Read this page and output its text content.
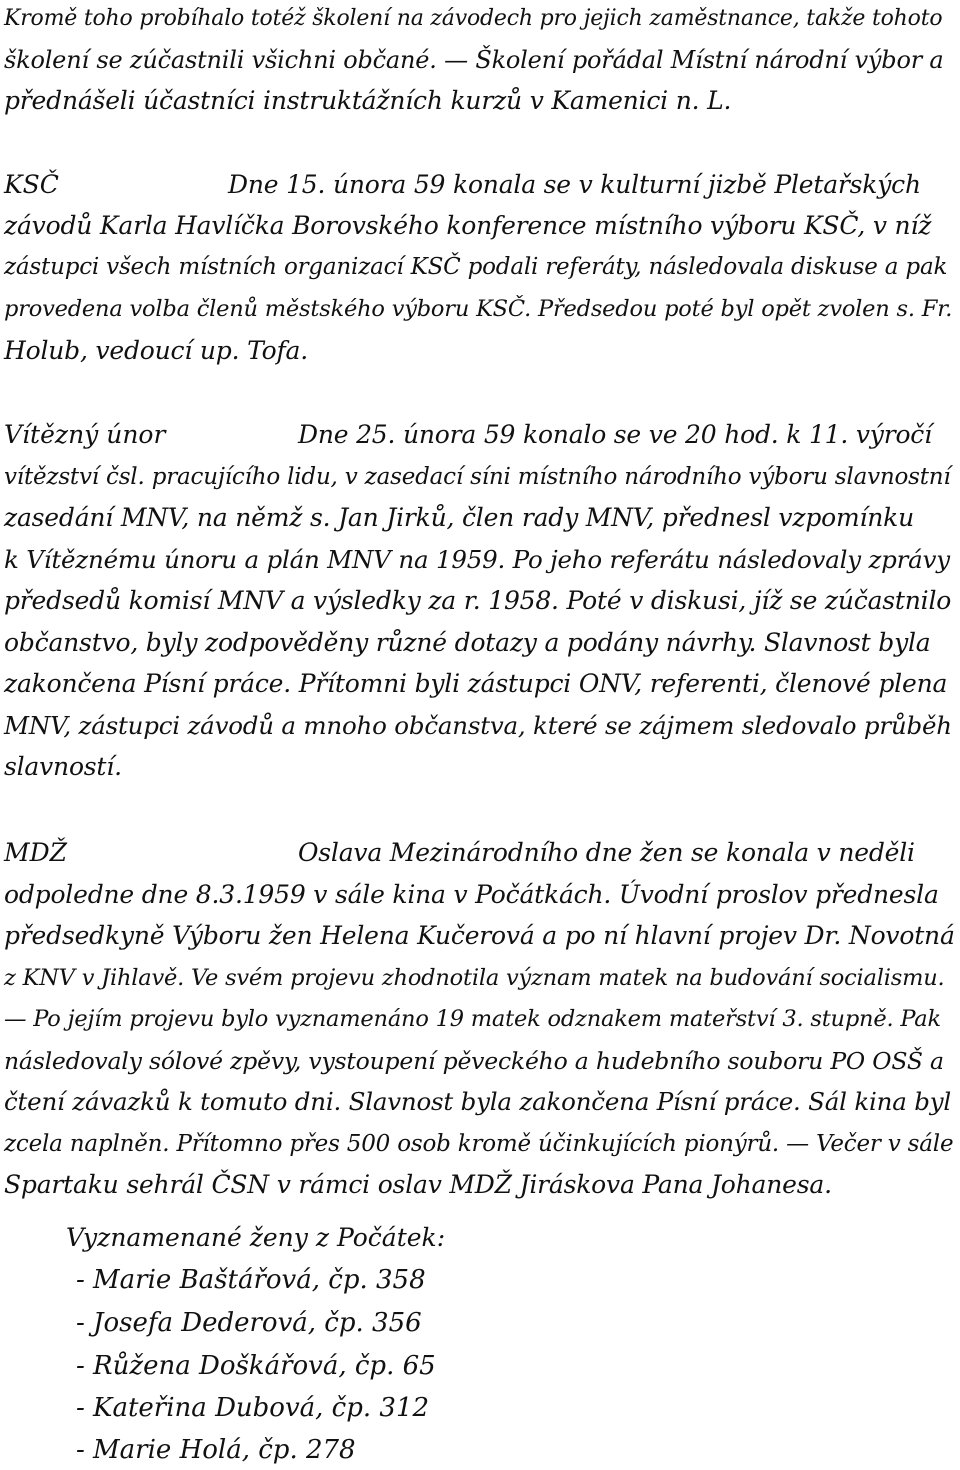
Kromě toho probíhalo totéž školení na závodech pro jejich zaměstnance, takže tohoto
školení se zúčastnili všichni občané. — Školení pořádal Místní národní výbor a
přednášeli účastníci instruktážních kurzů v Kamenici n. L.
KSČ	Dne 15. února 59 konala se v kulturní jizbě Pletařských
závodů Karla Havlíčka Borovského konference místního výboru KSČ, v níž
zástupci všech místních organizací KSČ podali referáty, následovala diskuse a pak
provedena volba členů městského výboru KSČ. Předsedou poté byl opět zvolen s. Fr.
Holub, vedoucí up. Tofa.
Vítězný únor	Dne 25. února 59 konalo se ve 20 hod. k 11. výročí
vítězství čsl. pracujícího lidu, v zasedací síni místního národního výboru slavnostní
zasedání MNV, na němž s. Jan Jirků, člen rady MNV, přednesl vzpomínku
k Vítěznému únoru a plán MNV na 1959. Po jeho referátu následovaly zprávy
předsedů komisí MNV a výsledky za r. 1958. Poté v diskusi, jíž se zúčastnilo
občanstvo, byly zodpověděny různé dotazy a podány návrhy. Slavnost byla
zakončena Písní práce. Přítomni byli zástupci ONV, referenti, členové plena
MNV, zástupci závodů a mnoho občanstva, které se zájmem sledovalo průběh
slavností.
MDŽ	Oslava Mezinárodního dne žen se konala v neděli
odpoledne dne 8.3.1959 v sále kina v Počátkách. Úvodní proslov přednesla
předsedkyně Výboru žen Helena Kučerová a po ní hlavní projev Dr. Novotná
z KNV v Jihlavě. Ve svém projevu zhodnotila význam matek na budování socialismu.
— Po jejím projevu bylo vyznamenáno 19 matek odznakem mateřství 3. stupně. Pak
následovaly sólové zpěvy, vystoupení pěveckého a hudebního souboru PO OSŠ a
čtení závazků k tomuto dni. Slavnost byla zakončena Písní práce. Sál kina byl
zcela naplněn. Přítomno přes 500 osob kromě účinkujících pionýrů. — Večer v sále
Spartaku sehrál ČSN v rámci oslav MDŽ Jiráskova Pana Johanesa.
Vyznamenané ženy z Počátek:
- Marie Baštářová, čp. 358
- Josefa Dederová, čp. 356
- Růžena Doškářová, čp. 65
- Kateřina Dubová, čp. 312
- Marie Holá, čp. 278
